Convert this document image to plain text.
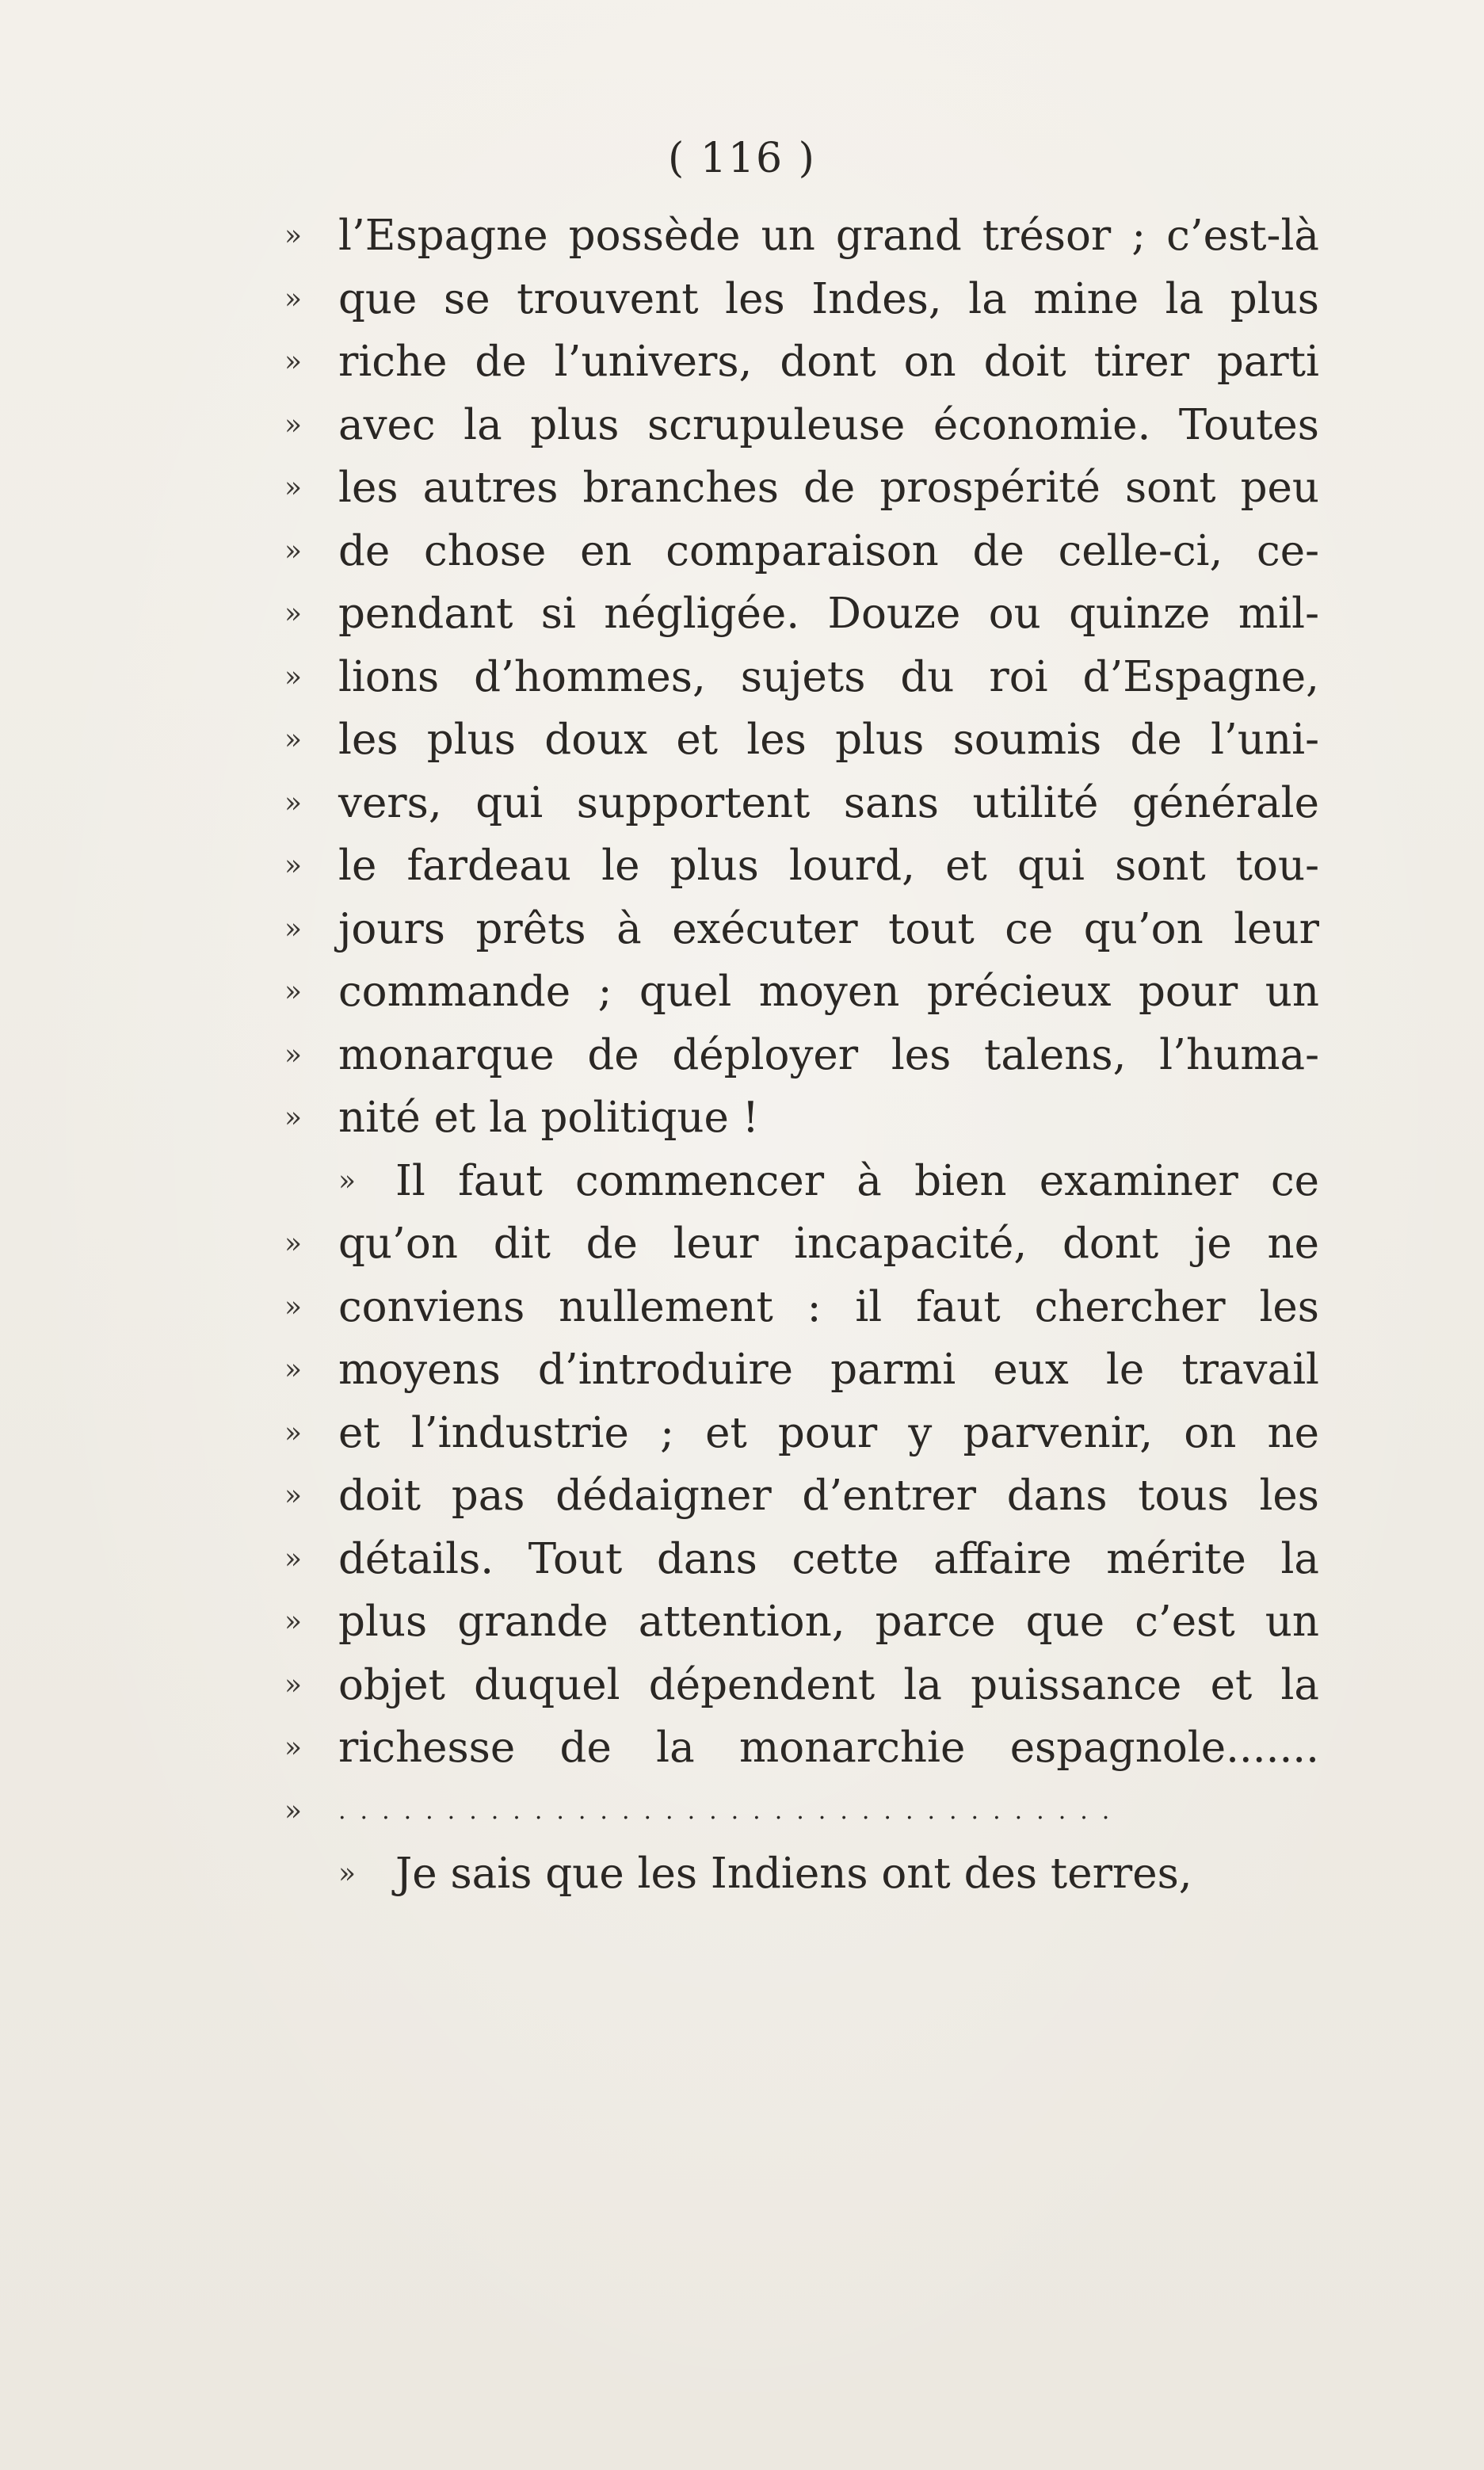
( 116 )
» l’Espagne possède un grand trésor ; c’est-là
» que se trouvent les Indes, la mine la plus
» riche de l’univers, dont on doit tirer parti
» avec la plus scrupuleuse économie. Toutes
» les autres branches de prospérité sont peu
» de chose en comparaison de celle-ci, ce-
» pendant si négligée. Douze ou quinze mil-
» lions d’hommes, sujets du roi d’Espagne,
» les plus doux et les plus soumis de l’uni-
» vers, qui supportent sans utilité générale
» le fardeau le plus lourd, et qui sont tou-
» jours prêts à exécuter tout ce qu’on leur
» commande ; quel moyen précieux pour un
» monarque de déployer les talens, l’huma-
» nité et la politique !
» Il faut commencer à bien examiner ce
» qu’on dit de leur incapacité, dont je ne
» conviens nullement : il faut chercher les
» moyens d’introduire parmi eux le travail
» et l’industrie ; et pour y parvenir, on ne
» doit pas dédaigner d’entrer dans tous les
» détails. Tout dans cette affaire mérite la
» plus grande attention, parce que c’est un
» objet duquel dépendent la puissance et la
» richesse de la monarchie espagnole.......
» ....................................
» Je sais que les Indiens ont des terres,
